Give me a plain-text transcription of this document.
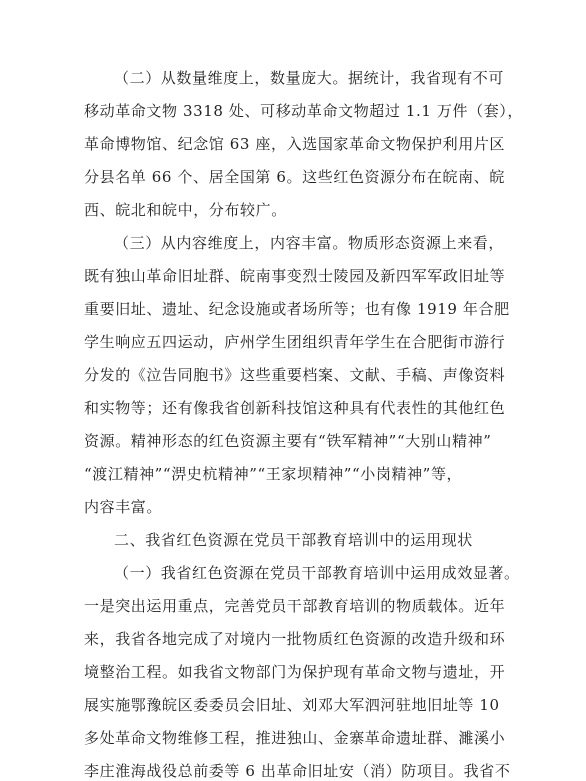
（二）从数量维度上，数量庞大。据统计，我省现有不可
移动革命文物 3318 处、可移动革命文物超过 1.1 万件（套），
革命博物馆、纪念馆 63 座，入选国家革命文物保护利用片区
分县名单 66 个、居全国第 6。这些红色资源分布在皖南、皖
西、皖北和皖中，分布较广。
（三）从内容维度上，内容丰富。物质形态资源上来看，
既有独山革命旧址群、皖南事变烈士陵园及新四军军政旧址等
重要旧址、遗址、纪念设施或者场所等；也有像 1919 年合肥
学生响应五四运动，庐州学生团组织青年学生在合肥街市游行
分发的《泣告同胞书》这些重要档案、文献、手稿、声像资料
和实物等；还有像我省创新科技馆这种具有代表性的其他红色
资源。精神形态的红色资源主要有“铁军精神”“大别山精神”
“渡江精神”“淠史杭精神”“王家坝精神”“小岗精神”等，
内容丰富。
二、我省红色资源在党员干部教育培训中的运用现状
（一）我省红色资源在党员干部教育培训中运用成效显著。
一是突出运用重点，完善党员干部教育培训的物质载体。近年
来，我省各地完成了对境内一批物质红色资源的改造升级和环
境整治工程。如我省文物部门为保护现有革命文物与遗址，开
展实施鄂豫皖区委委员会旧址、刘邓大军泗河驻地旧址等 10
多处革命文物维修工程，推进独山、金寨革命遗址群、濉溪小
李庄淮海战役总前委等 6 出革命旧址安（消）防项目。我省不
